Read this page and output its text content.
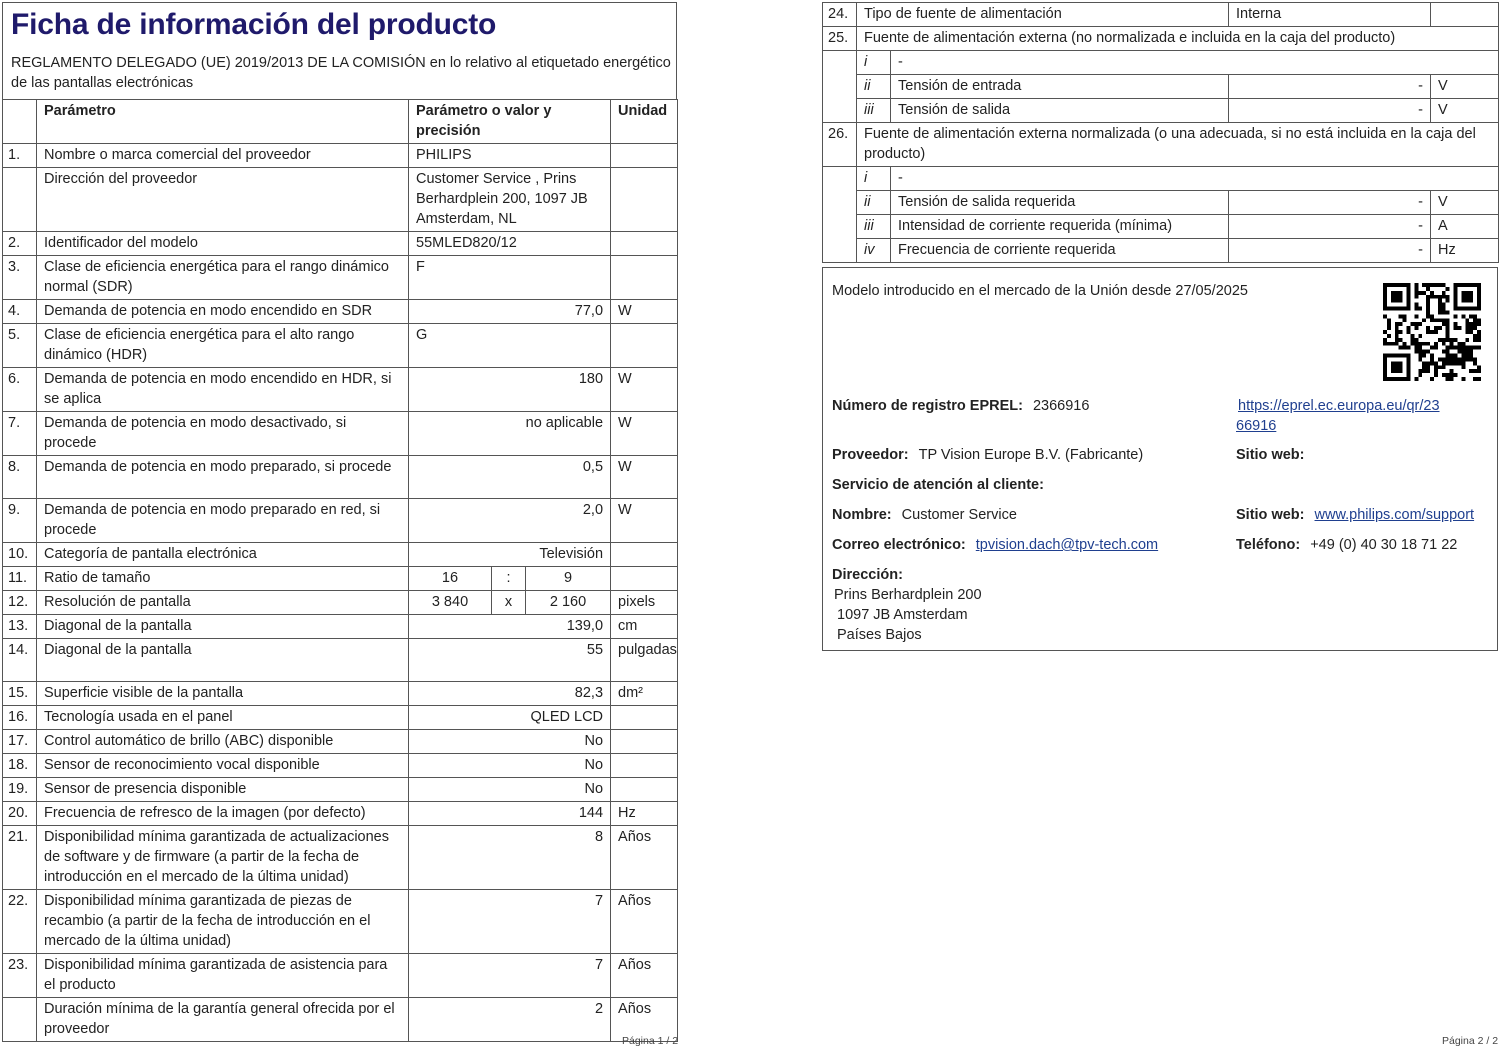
Ficha de información del producto
REGLAMENTO DELEGADO (UE) 2019/2013 DE LA COMISIÓN en lo relativo al etiquetado energético de las pantallas electrónicas
	Parámetro	Parámetro o valor y precisión			Unidad
1.	Nombre o marca comercial del proveedor	PHILIPS			
	Dirección del proveedor	Customer Service , Prins Berhardplein 200, 1097 JB Amsterdam, NL			
2.	Identificador del modelo	55MLED820/12			
3.	Clase de eficiencia energética para el rango dinámico normal (SDR)	F			
4.	Demanda de potencia en modo encendido en SDR	77,0			W
5.	Clase de eficiencia energética para el alto rango dinámico (HDR)	G			
6.	Demanda de potencia en modo encendido en HDR, si se aplica	180			W
7.	Demanda de potencia en modo desactivado, si procede	no aplicable			W
8.	Demanda de potencia en modo preparado, si procede	0,5			W
9.	Demanda de potencia en modo preparado en red, si procede	2,0			W
10.	Categoría de pantalla electrónica	Televisión			
11.	Ratio de tamaño	16	:	9	
12.	Resolución de pantalla	3 840	x	2 160	pixels
13.	Diagonal de la pantalla	139,0			cm
14.	Diagonal de la pantalla	55			pulgadas
15.	Superficie visible de la pantalla	82,3			dm²
16.	Tecnología usada en el panel	QLED LCD			
17.	Control automático de brillo (ABC) disponible	No			
18.	Sensor de reconocimiento vocal disponible	No			
19.	Sensor de presencia disponible	No			
20.	Frecuencia de refresco de la imagen (por defecto)	144			Hz
21.	Disponibilidad mínima garantizada de actualizaciones de software y de firmware (a partir de la fecha de introducción en el mercado de la última unidad)	8			Años
22.	Disponibilidad mínima garantizada de piezas de recambio (a partir de la fecha de introducción en el mercado de la última unidad)	7			Años
23.	Disponibilidad mínima garantizada de asistencia para el producto	7			Años
	Duración mínima de la garantía general ofrecida por el proveedor	2			Años
24.	Tipo de fuente de alimentación		Interna	
25.	Fuente de alimentación externa (no normalizada e incluida en la caja del producto)			
	i	-		
	ii	Tensión de entrada	-	V
	iii	Tensión de salida	-	V
26.	Fuente de alimentación externa normalizada (o una adecuada, si no está incluida en la caja del producto)			
	i	-		
	ii	Tensión de salida requerida	-	V
	iii	Intensidad de corriente requerida (mínima)	-	A
	iv	Frecuencia de corriente requerida	-	Hz
Modelo introducido en el mercado de la Unión desde 27/05/2025
Número de registro EPREL: 2366916	https://eprel.ec.europa.eu/qr/23
66916
Proveedor: TP Vision Europe B.V. (Fabricante)	Sitio web:
Servicio de atención al cliente:
Nombre: Customer Service	Sitio web: www.philips.com/support
Correo electrónico: tpvision.dach@tpv-tech.com	Teléfono: +49 (0) 40 30 18 71 22
Dirección:
Prins Berhardplein 200
1097 JB Amsterdam
Países Bajos
Página 1 / 2	Página 2 / 2
